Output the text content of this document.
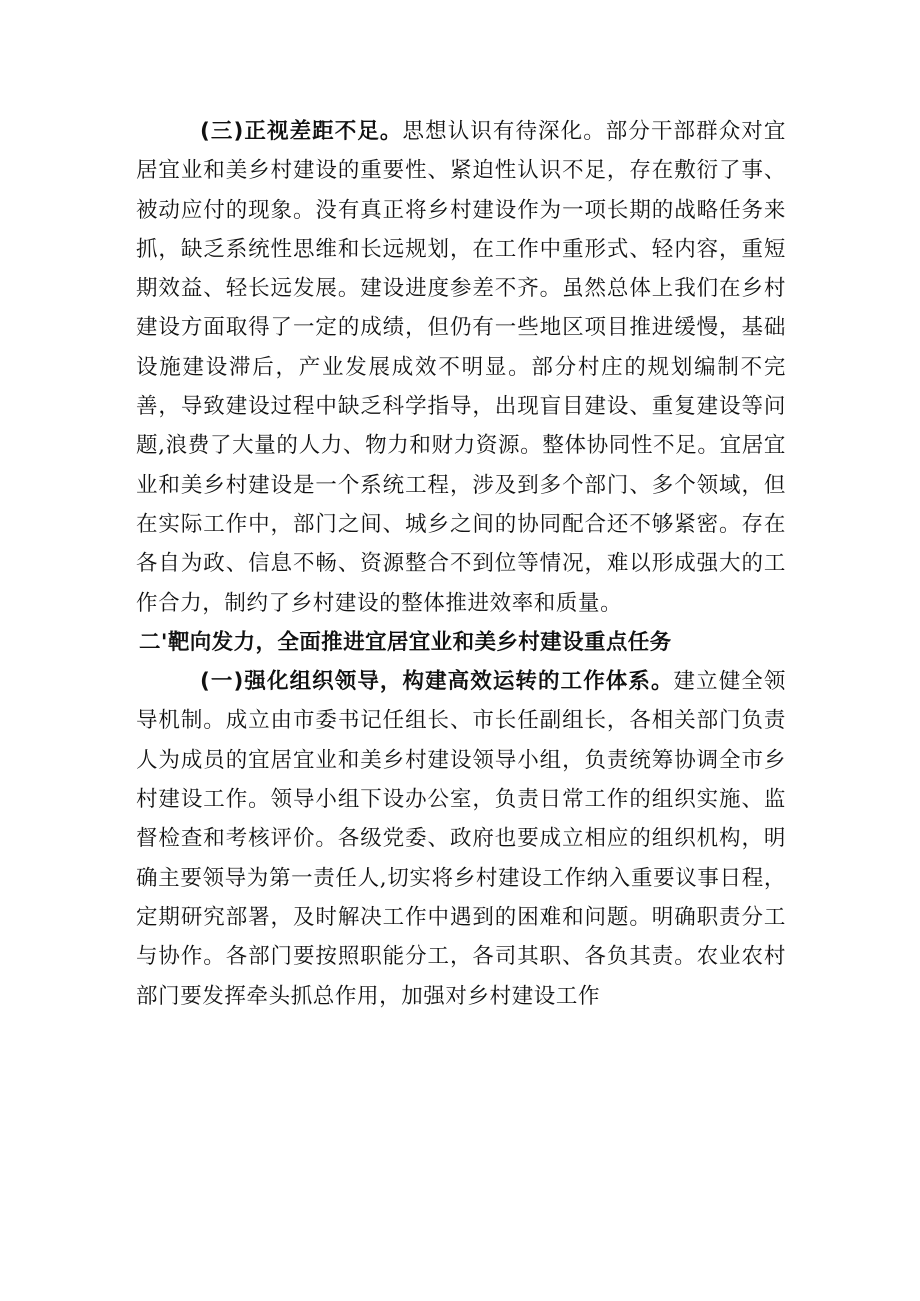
(三)正视差距不足。思想认识有待深化。部分干部群众对宜居宜业和美乡村建设的重要性、紧迫性认识不足，存在敷衍了事、被动应付的现象。没有真正将乡村建设作为一项长期的战略任务来抓，缺乏系统性思维和长远规划，在工作中重形式、轻内容，重短期效益、轻长远发展。建设进度参差不齐。虽然总体上我们在乡村建设方面取得了一定的成绩，但仍有一些地区项目推进缓慢，基础设施建设滞后，产业发展成效不明显。部分村庄的规划编制不完善，导致建设过程中缺乏科学指导，出现盲目建设、重复建设等问题,浪费了大量的人力、物力和财力资源。整体协同性不足。宜居宜业和美乡村建设是一个系统工程，涉及到多个部门、多个领域，但在实际工作中，部门之间、城乡之间的协同配合还不够紧密。存在各自为政、信息不畅、资源整合不到位等情况，难以形成强大的工作合力，制约了乡村建设的整体推进效率和质量。

二'靶向发力，全面推进宜居宜业和美乡村建设重点任务

(一)强化组织领导，构建高效运转的工作体系。建立健全领导机制。成立由市委书记任组长、市长任副组长，各相关部门负责人为成员的宜居宜业和美乡村建设领导小组，负责统筹协调全市乡村建设工作。领导小组下设办公室，负责日常工作的组织实施、监督检查和考核评价。各级党委、政府也要成立相应的组织机构，明确主要领导为第一责任人,切实将乡村建设工作纳入重要议事日程，定期研究部署，及时解决工作中遇到的困难和问题。明确职责分工与协作。各部门要按照职能分工，各司其职、各负其责。农业农村部门要发挥牵头抓总作用，加强对乡村建设工作
